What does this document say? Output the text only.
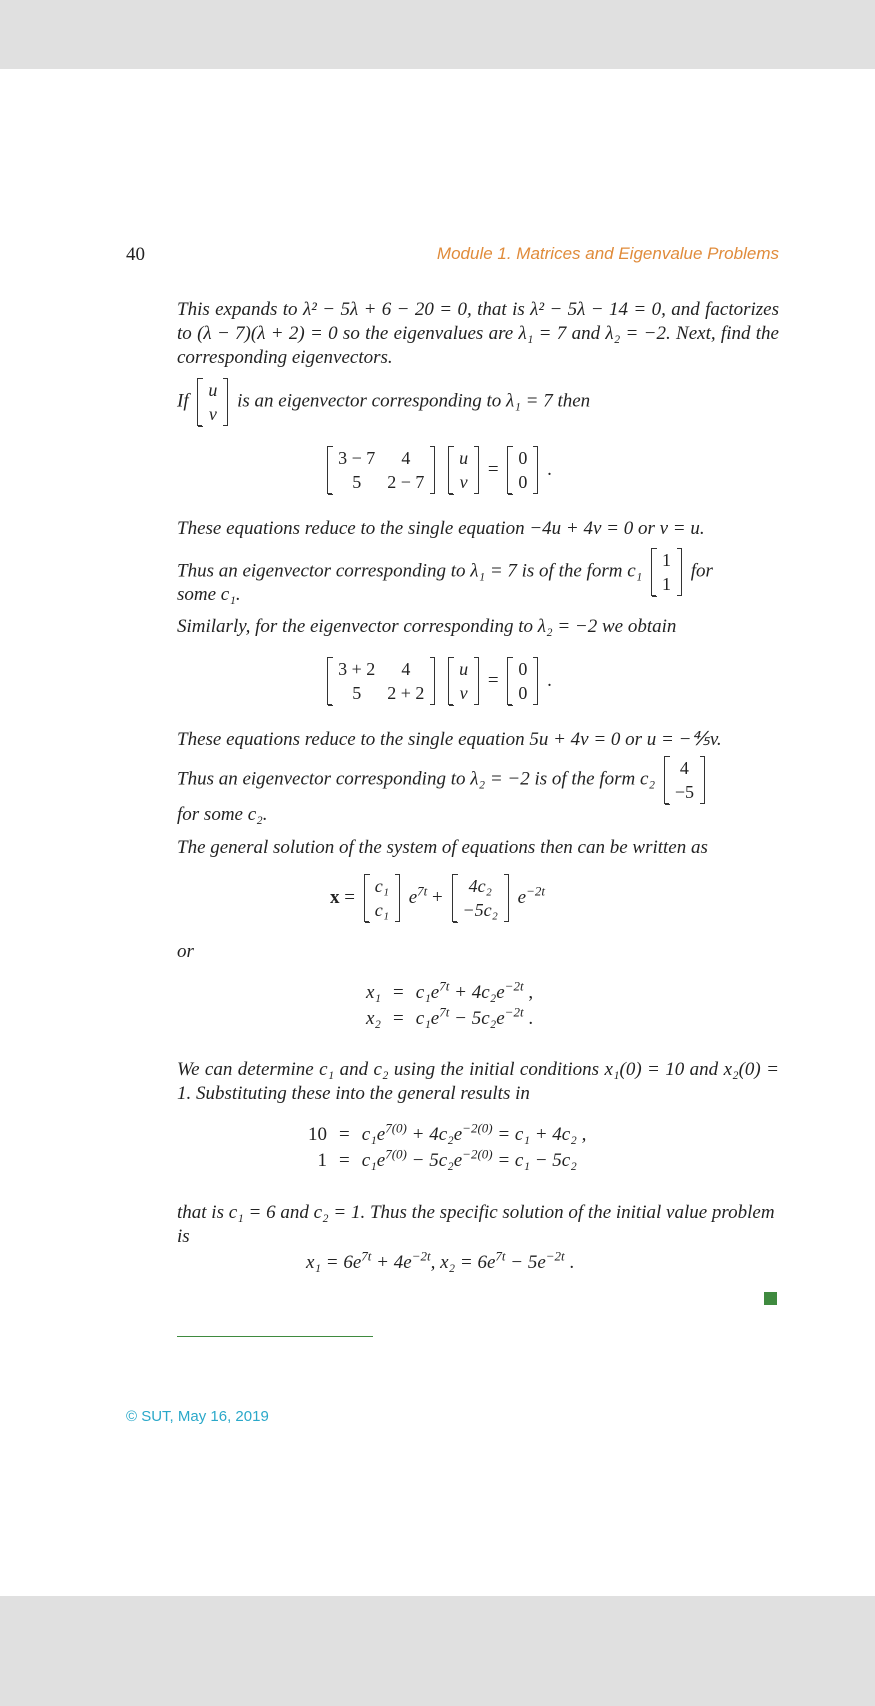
40	Module 1. Matrices and Eigenvalue Problems
This expands to λ² − 5λ + 6 − 20 = 0, that is λ² − 5λ − 14 = 0, and factorizes to (λ − 7)(λ + 2) = 0 so the eigenvalues are λ₁ = 7 and λ₂ = −2. Next, find the corresponding eigenvectors.
If
u
v
is an eigenvector corresponding to λ₁ = 7 then
3 − 7	4
5	2 − 7

u
v
=
0
0
.
These equations reduce to the single equation −4u + 4v = 0 or v = u.
Thus an eigenvector corresponding to λ₁ = 7 is of the form c₁
1
1
for
some c₁.
Similarly, for the eigenvector corresponding to λ₂ = −2 we obtain
3 + 2	4
5	2 + 2

u
v
=
0
0
.
These equations reduce to the single equation 5u + 4v = 0 or u = −⅘v.
Thus an eigenvector corresponding to λ₂ = −2 is of the form c₂
4
−5
for some c₂.
The general solution of the system of equations then can be written as
x =
c₁
c₁
$e^{7t}$ +
4c₂
−5c₂
$e^{-2t}$
or
x₁	=	$c_1e^{7t} + 4c_2e^{-2t}$ ,
x₂	=	$c_1e^{7t} - 5c_2e^{-2t}$ .
We can determine c₁ and c₂ using the initial conditions x₁(0) = 10 and x₂(0) = 1. Substituting these into the general results in
10	=	$c_1e^{7(0)} + 4c_2e^{-2(0)} = c_1 + 4c_2$ ,
1	=	$c_1e^{7(0)} - 5c_2e^{-2(0)} = c_1 - 5c_2$
that is c₁ = 6 and c₂ = 1. Thus the specific solution of the initial value problem is
$x_1 = 6e^{7t} + 4e^{-2t}$, $x_2 = 6e^{7t} - 5e^{-2t}$ .
© SUT, May 16, 2019
